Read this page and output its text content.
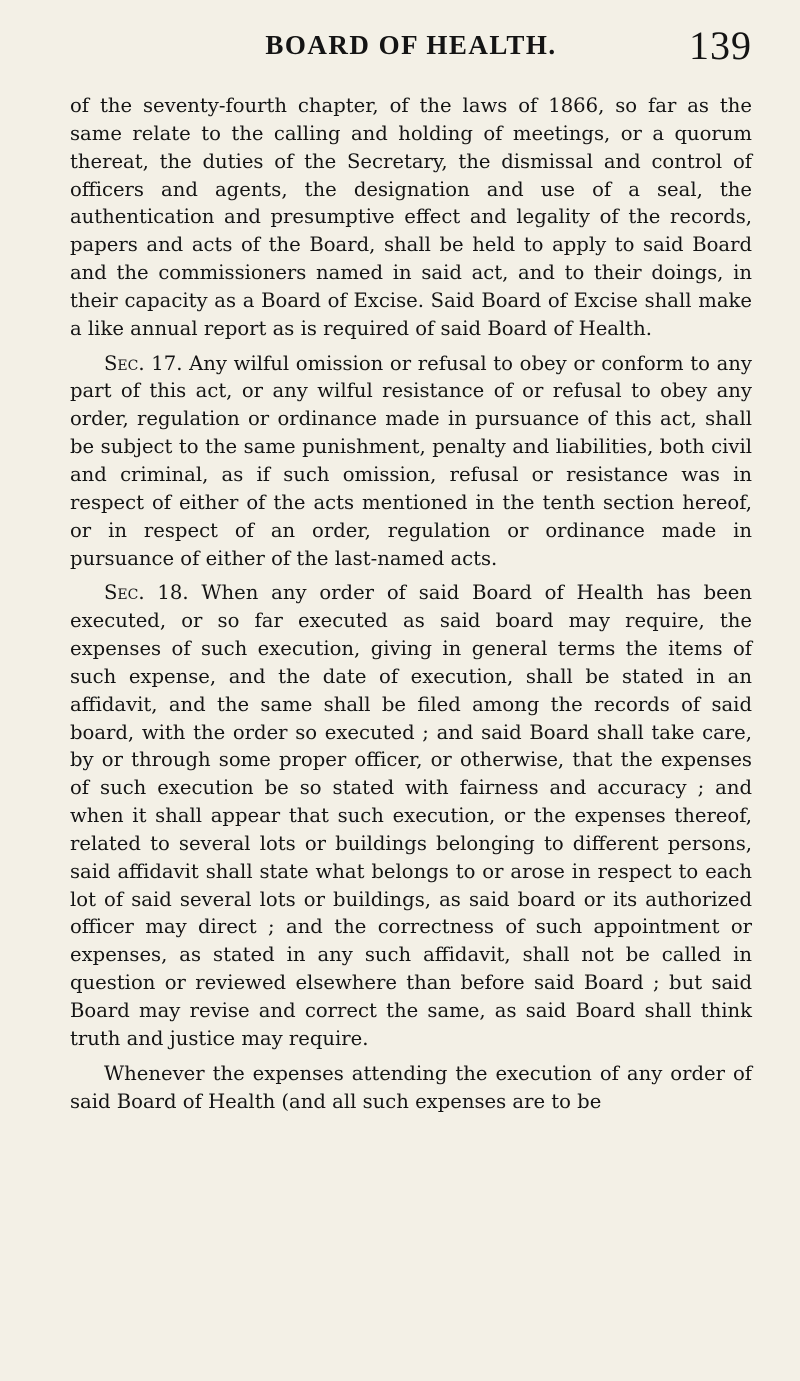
BOARD OF HEALTH.	139

of the seventy-fourth chapter, of the laws of 1866, so far as the same relate to the calling and holding of meetings, or a quorum thereat, the duties of the Secretary, the dismissal and control of officers and agents, the designation and use of a seal, the authentication and presumptive effect and legality of the records, papers and acts of the Board, shall be held to apply to said Board and the commissioners named in said act, and to their doings, in their capacity as a Board of Excise. Said Board of Excise shall make a like annual report as is required of said Board of Health.

Sec. 17. Any wilful omission or refusal to obey or conform to any part of this act, or any wilful resistance of or refusal to obey any order, regulation or ordinance made in pursuance of this act, shall be subject to the same punishment, penalty and liabilities, both civil and criminal, as if such omission, refusal or resistance was in respect of either of the acts mentioned in the tenth section hereof, or in respect of an order, regulation or ordinance made in pursuance of either of the last-named acts.

Sec. 18. When any order of said Board of Health has been executed, or so far executed as said board may require, the expenses of such execution, giving in general terms the items of such expense, and the date of execution, shall be stated in an affidavit, and the same shall be filed among the records of said board, with the order so executed ; and said Board shall take care, by or through some proper officer, or otherwise, that the expenses of such execution be so stated with fairness and accuracy ; and when it shall appear that such execution, or the expenses thereof, related to several lots or buildings belonging to different persons, said affidavit shall state what belongs to or arose in respect to each lot of said several lots or buildings, as said board or its authorized officer may direct ; and the correctness of such appointment or expenses, as stated in any such affidavit, shall not be called in question or reviewed elsewhere than before said Board ; but said Board may revise and correct the same, as said Board shall think truth and justice may require.

Whenever the expenses attending the execution of any order of said Board of Health (and all such expenses are to be
